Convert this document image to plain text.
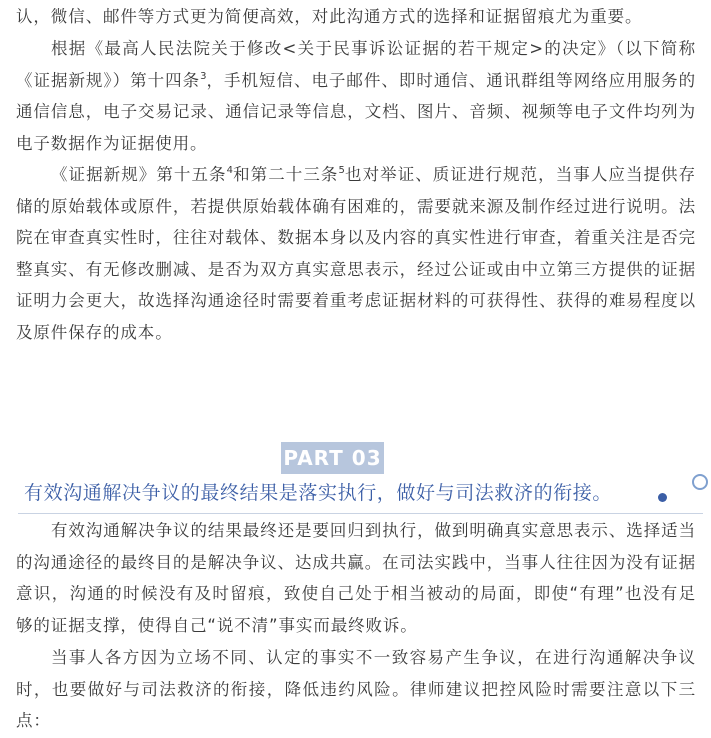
认，微信、邮件等方式更为简便高效，对此沟通方式的选择和证据留痕尤为重要。

根据《最高人民法院关于修改<关于民事诉讼证据的若干规定>的决定》（以下简称《证据新规》）第十四条$^3$，手机短信、电子邮件、即时通信、通讯群组等网络应用服务的通信信息，电子交易记录、通信记录等信息，文档、图片、音频、视频等电子文件均列为电子数据作为证据使用。

《证据新规》第十五条$^4$和第二十三条$^5$也对举证、质证进行规范，当事人应当提供存储的原始载体或原件，若提供原始载体确有困难的，需要就来源及制作经过进行说明。法院在审查真实性时，往往对载体、数据本身以及内容的真实性进行审查，着重关注是否完整真实、有无修改删减、是否为双方真实意思表示，经过公证或由中立第三方提供的证据证明力会更大，故选择沟通途径时需要着重考虑证据材料的可获得性、获得的难易程度以及原件保存的成本。

PART 03
有效沟通解决争议的最终结果是落实执行，做好与司法救济的衔接。

有效沟通解决争议的结果最终还是要回归到执行，做到明确真实意思表示、选择适当的沟通途径的最终目的是解决争议、达成共赢。在司法实践中，当事人往往因为没有证据意识，沟通的时候没有及时留痕，致使自己处于相当被动的局面，即使“有理”也没有足够的证据支撑，使得自己“说不清”事实而最终败诉。

当事人各方因为立场不同、认定的事实不一致容易产生争议，在进行沟通解决争议时，也要做好与司法救济的衔接，降低违约风险。律师建议把控风险时需要注意以下三点：
